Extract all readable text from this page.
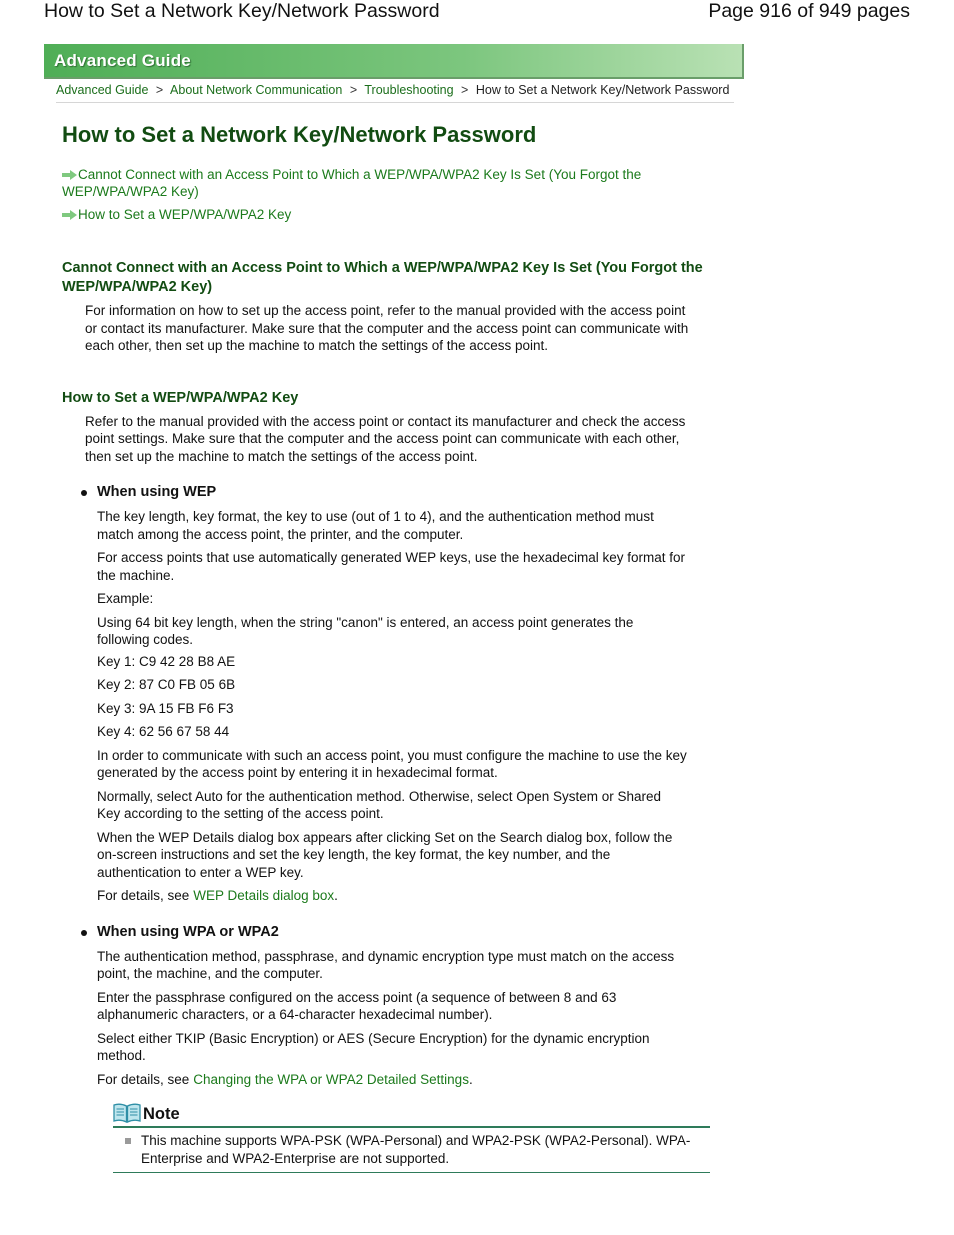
How to Set a Network Key/Network Password	Page 916 of 949 pages
Advanced Guide
Advanced Guide > About Network Communication > Troubleshooting > How to Set a Network Key/Network Password
How to Set a Network Key/Network Password
Cannot Connect with an Access Point to Which a WEP/WPA/WPA2 Key Is Set (You Forgot the WEP/WPA/WPA2 Key)
How to Set a WEP/WPA/WPA2 Key
Cannot Connect with an Access Point to Which a WEP/WPA/WPA2 Key Is Set (You Forgot the WEP/WPA/WPA2 Key)

For information on how to set up the access point, refer to the manual provided with the access point or contact its manufacturer. Make sure that the computer and the access point can communicate with each other, then set up the machine to match the settings of the access point.

How to Set a WEP/WPA/WPA2 Key

Refer to the manual provided with the access point or contact its manufacturer and check the access point settings. Make sure that the computer and the access point can communicate with each other, then set up the machine to match the settings of the access point.

When using WEP

The key length, key format, the key to use (out of 1 to 4), and the authentication method must match among the access point, the printer, and the computer.

For access points that use automatically generated WEP keys, use the hexadecimal key format for the machine.

Example:

Using 64 bit key length, when the string "canon" is entered, an access point generates the following codes.

Key 1: C9 42 28 B8 AE

Key 2: 87 C0 FB 05 6B

Key 3: 9A 15 FB F6 F3

Key 4: 62 56 67 58 44

In order to communicate with such an access point, you must configure the machine to use the key generated by the access point by entering it in hexadecimal format.

Normally, select Auto for the authentication method. Otherwise, select Open System or Shared Key according to the setting of the access point.

When the WEP Details dialog box appears after clicking Set on the Search dialog box, follow the on-screen instructions and set the key length, the key format, the key number, and the authentication to enter a WEP key.

For details, see WEP Details dialog box.

When using WPA or WPA2

The authentication method, passphrase, and dynamic encryption type must match on the access point, the machine, and the computer.

Enter the passphrase configured on the access point (a sequence of between 8 and 63 alphanumeric characters, or a 64-character hexadecimal number).

Select either TKIP (Basic Encryption) or AES (Secure Encryption) for the dynamic encryption method.

For details, see Changing the WPA or WPA2 Detailed Settings.

Note

This machine supports WPA-PSK (WPA-Personal) and WPA2-PSK (WPA2-Personal). WPA-Enterprise and WPA2-Enterprise are not supported.
